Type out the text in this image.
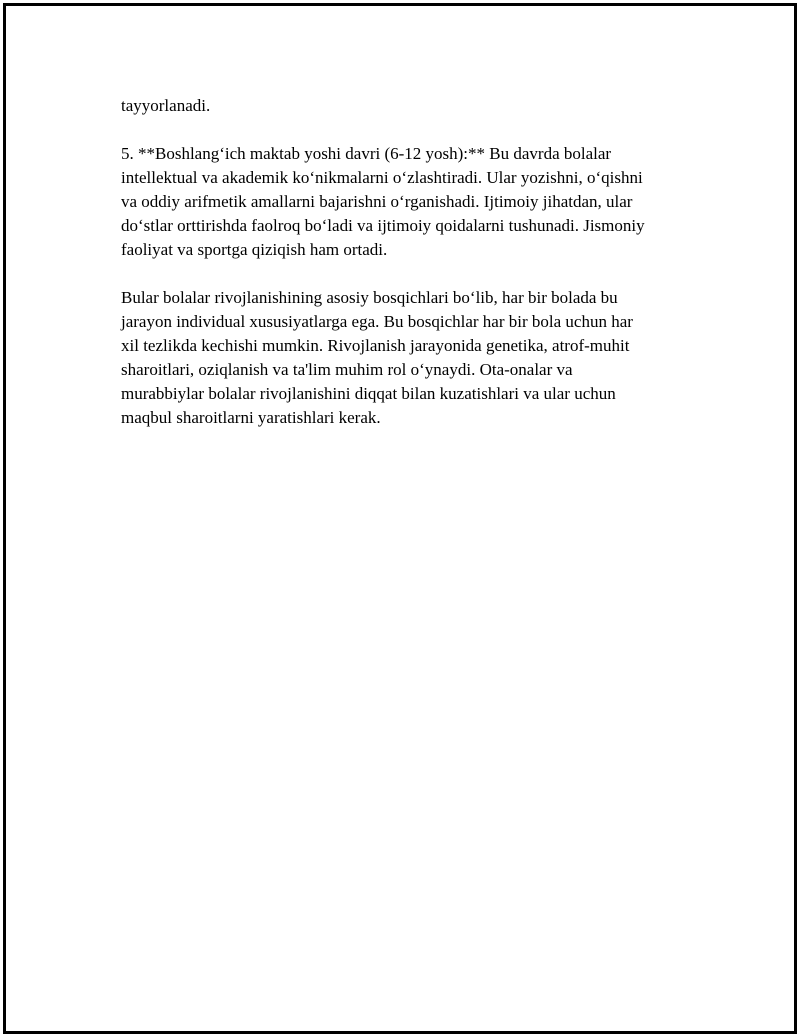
tayyorlanadi.

5. **Boshlang‘ich maktab yoshi davri (6-12 yosh):** Bu davrda bolalar
intellektual va akademik ko‘nikmalarni o‘zlashtiradi. Ular yozishni, o‘qishni
va oddiy arifmetik amallarni bajarishni o‘rganishadi. Ijtimoiy jihatdan, ular
do‘stlar orttirishda faolroq bo‘ladi va ijtimoiy qoidalarni tushunadi. Jismoniy
faoliyat va sportga qiziqish ham ortadi.

Bular bolalar rivojlanishining asosiy bosqichlari bo‘lib, har bir bolada bu
jarayon individual xususiyatlarga ega. Bu bosqichlar har bir bola uchun har
xil tezlikda kechishi mumkin. Rivojlanish jarayonida genetika, atrof-muhit
sharoitlari, oziqlanish va ta'lim muhim rol o‘ynaydi. Ota-onalar va
murabbiylar bolalar rivojlanishini diqqat bilan kuzatishlari va ular uchun
maqbul sharoitlarni yaratishlari kerak.
